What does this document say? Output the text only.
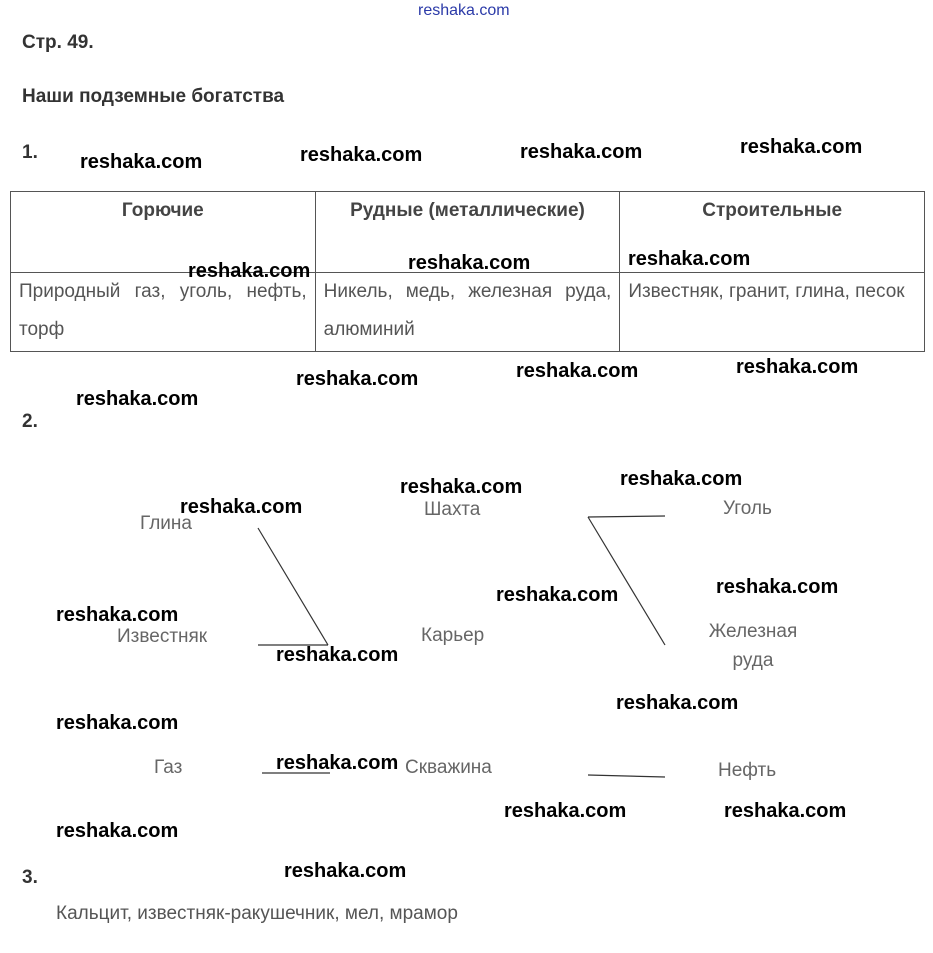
reshaka.com
Стр. 49.
Наши подземные богатства
1.
Горючие	Рудные (металлические)	Строительные
Природный газ, уголь, нефть, торф	Никель, медь, железная руда, алюминий	Известняк, гранит, глина, песок
2.
Глина
Известняк
Газ
Шахта
Карьер
Скважина
Уголь
Железная руда
Нефть
3.
Кальцит, известняк-ракушечник, мел, мрамор
reshaka.com	reshaka.com	reshaka.com	reshaka.com
reshaka.com	reshaka.com	reshaka.com
reshaka.com	reshaka.com	reshaka.com
reshaka.com
reshaka.com
reshaka.com
reshaka.com
reshaka.com
reshaka.com
reshaka.com
reshaka.com
reshaka.com
reshaka.com
reshaka.com
reshaka.com	reshaka.com
reshaka.com
reshaka.com
